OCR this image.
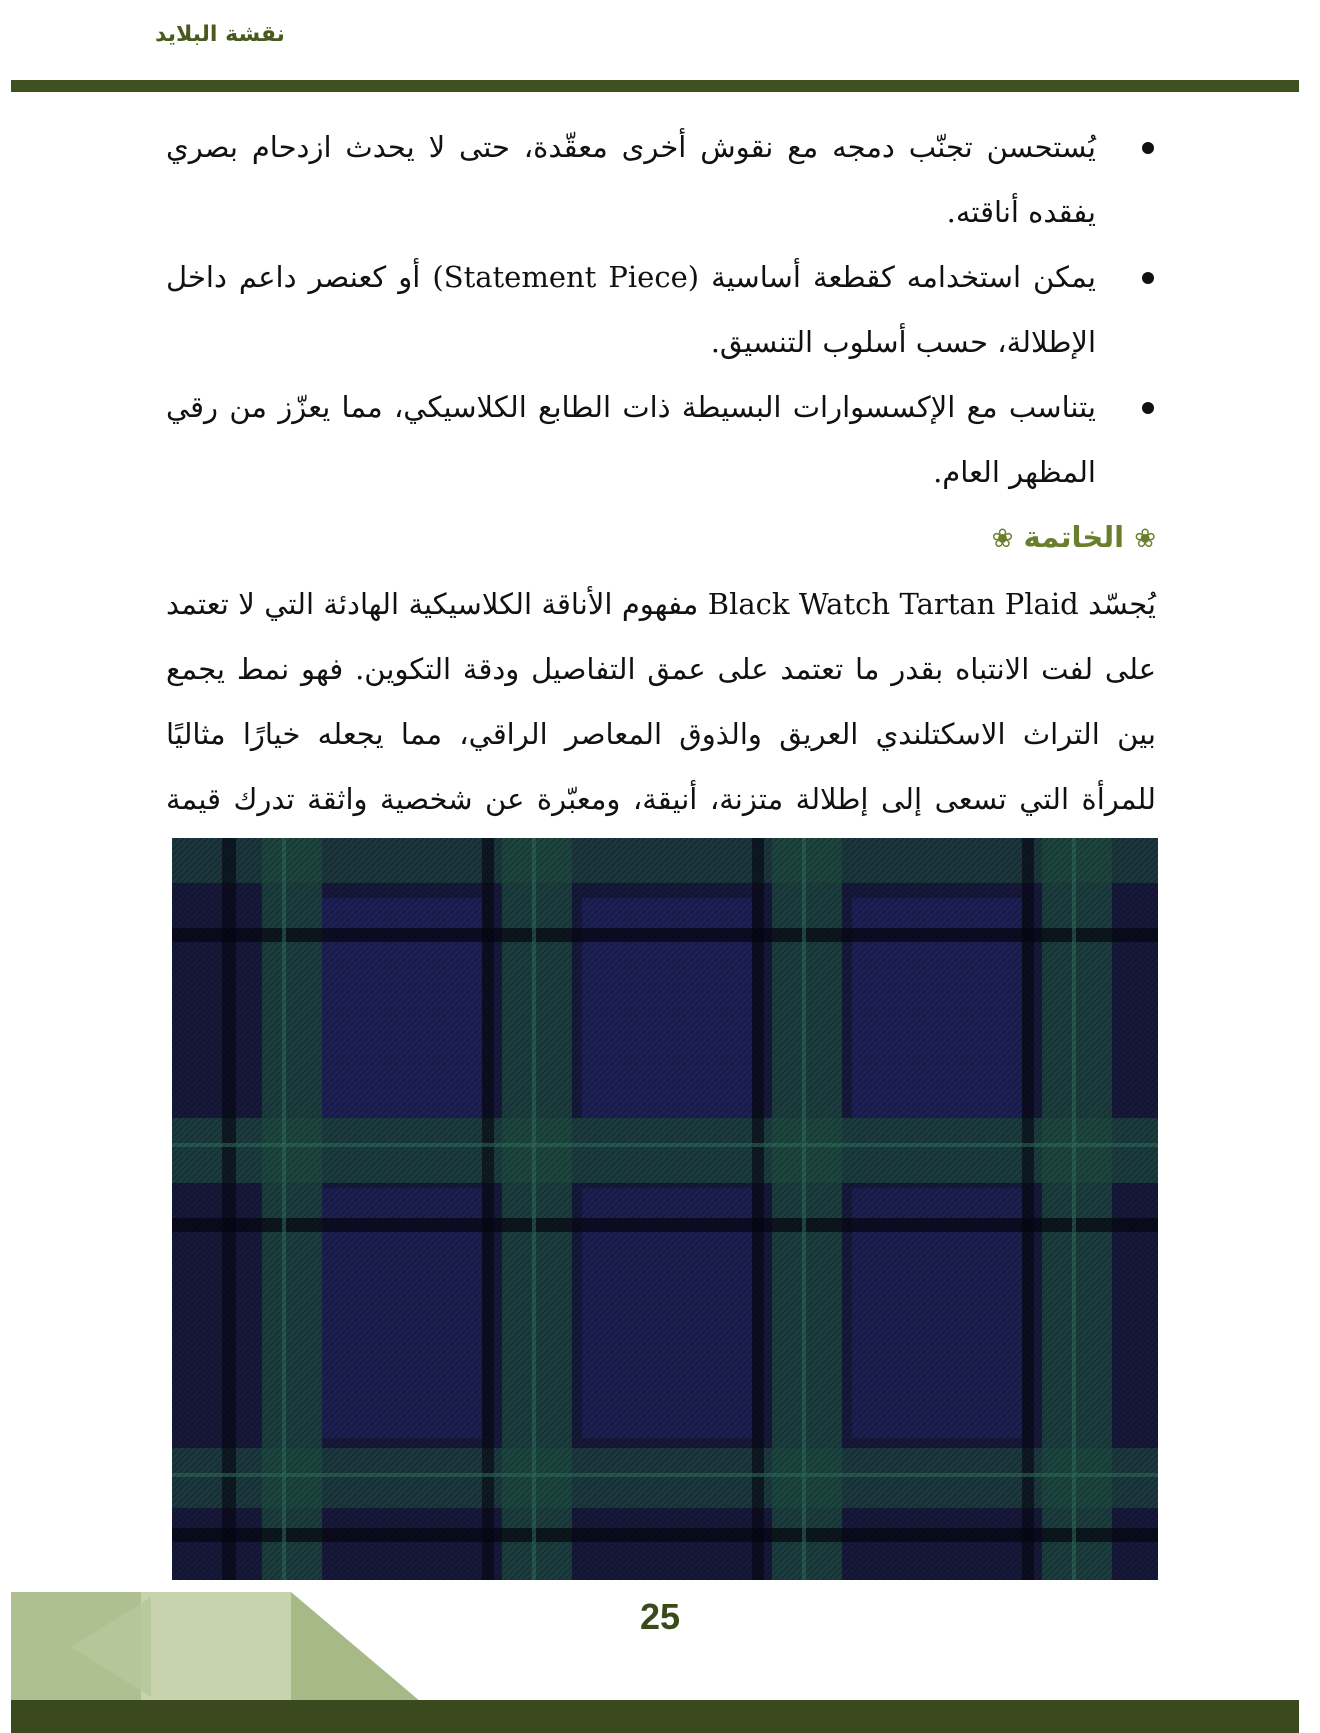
نقشة البلايد
يُستحسن تجنّب دمجه مع نقوش أخرى معقّدة، حتى لا يحدث ازدحام بصري يفقده أناقته.
يمكن استخدامه كقطعة أساسية (Statement Piece) أو كعنصر داعم داخل الإطلالة، حسب أسلوب التنسيق.
يتناسب مع الإكسسوارات البسيطة ذات الطابع الكلاسيكي، مما يعزّز من رقي المظهر العام.
❀ الخاتمة ❀

يُجسّد Black Watch Tartan Plaid مفهوم الأناقة الكلاسيكية الهادئة التي لا تعتمد على لفت الانتباه بقدر ما تعتمد على عمق التفاصيل ودقة التكوين. فهو نمط يجمع بين التراث الاسكتلندي العريق والذوق المعاصر الراقي، مما يجعله خيارًا مثاليًا للمرأة التي تسعى إلى إطلالة متزنة، أنيقة، ومعبّرة عن شخصية واثقة تدرك قيمة

25
